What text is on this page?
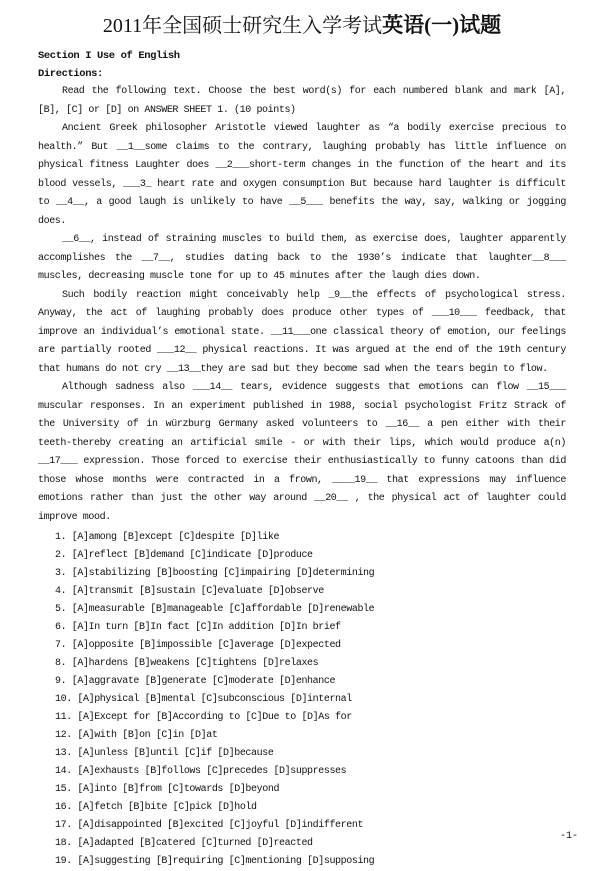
2011年全国硕士研究生入学考试英语(一)试题
Section I Use of English
Directions:

Read the following text. Choose the best word(s) for each numbered blank and mark [A], [B], [C] or [D] on ANSWER SHEET 1. (10 points)

Ancient Greek philosopher Aristotle viewed laughter as “a bodily exercise precious to health.” But __1__some claims to the contrary, laughing probably has little influence on physical fitness Laughter does __2___short-term changes in the function of the heart and its blood vessels, ___3_ heart rate and oxygen consumption But because hard laughter is difficult to __4__, a good laugh is unlikely to have __5___ benefits the way, say, walking or jogging does.

__6__, instead of straining muscles to build them, as exercise does, laughter apparently accomplishes the __7__, studies dating back to the 1930’s indicate that laughter__8___ muscles, decreasing muscle tone for up to 45 minutes after the laugh dies down.

Such bodily reaction might conceivably help _9__the effects of psychological stress. Anyway, the act of laughing probably does produce other types of ___10___ feedback, that improve an individual’s emotional state. __11___one classical theory of emotion, our feelings are partially rooted ___12__ physical reactions. It was argued at the end of the 19th century that humans do not cry __13__they are sad but they become sad when the tears begin to flow.

Although sadness also ___14__ tears, evidence suggests that emotions can flow __15___ muscular responses. In an experiment published in 1988, social psychologist Fritz Strack of the University of in würzburg Germany asked volunteers to __16__ a pen either with their teeth-thereby creating an artificial smile - or with their lips, which would produce a(n) __17___ expression. Those forced to exercise their enthusiastically to funny catoons than did those whose months were contracted in a frown, ____19__ that expressions may influence emotions rather than just the other way around __20__ , the physical act of laughter could improve mood.

1. [A]among [B]except [C]despite [D]like
2. [A]reflect [B]demand [C]indicate [D]produce
3. [A]stabilizing [B]boosting [C]impairing [D]determining
4. [A]transmit [B]sustain [C]evaluate [D]observe
5. [A]measurable [B]manageable [C]affordable [D]renewable
6. [A]In turn [B]In fact [C]In addition [D]In brief
7. [A]opposite [B]impossible [C]average [D]expected
8. [A]hardens [B]weakens [C]tightens [D]relaxes
9. [A]aggravate [B]generate [C]moderate [D]enhance
10. [A]physical [B]mental [C]subconscious [D]internal
11. [A]Except for [B]According to [C]Due to [D]As for
12. [A]with [B]on [C]in [D]at
13. [A]unless [B]until [C]if [D]because
14. [A]exhausts [B]follows [C]precedes [D]suppresses
15. [A]into [B]from [C]towards [D]beyond
16. [A]fetch [B]bite [C]pick [D]hold
17. [A]disappointed [B]excited [C]joyful [D]indifferent
18. [A]adapted [B]catered [C]turned [D]reacted
19. [A]suggesting [B]requiring [C]mentioning [D]supposing
-1-
